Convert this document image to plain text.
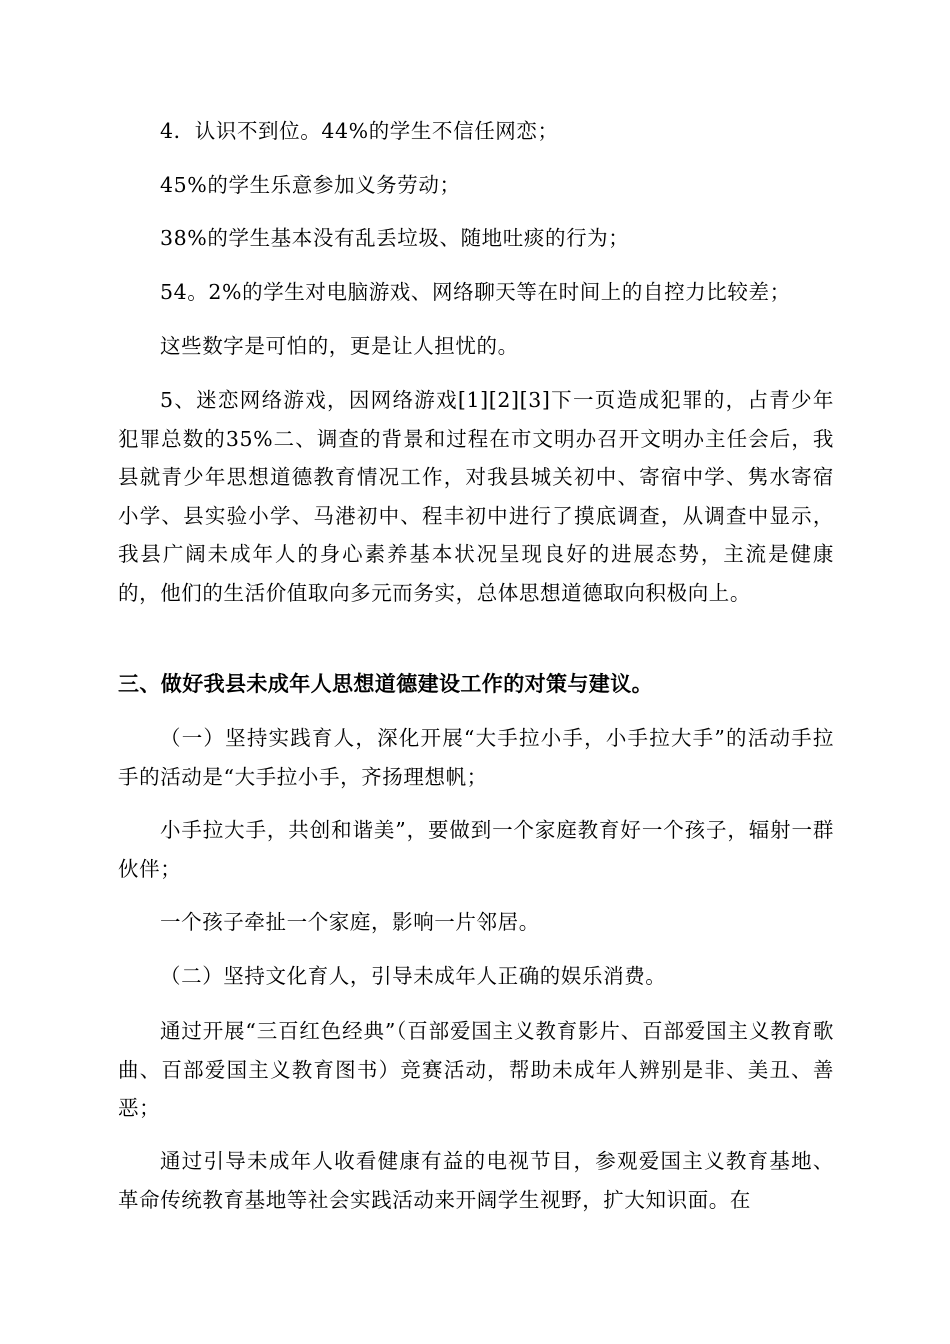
4．认识不到位。44%的学生不信任网恋；

45%的学生乐意参加义务劳动；

38%的学生基本没有乱丢垃圾、随地吐痰的行为；

54。2%的学生对电脑游戏、网络聊天等在时间上的自控力比较差；

这些数字是可怕的，更是让人担忧的。

5、迷恋网络游戏，因网络游戏[1][2][3]下一页造成犯罪的，占青少年犯罪总数的35%二、调查的背景和过程在市文明办召开文明办主任会后，我县就青少年思想道德教育情况工作，对我县城关初中、寄宿中学、隽水寄宿小学、县实验小学、马港初中、程丰初中进行了摸底调查，从调查中显示，我县广阔未成年人的身心素养基本状况呈现良好的进展态势，主流是健康的，他们的生活价值取向多元而务实，总体思想道德取向积极向上。

三、做好我县未成年人思想道德建设工作的对策与建议。

（一）坚持实践育人，深化开展“大手拉小手，小手拉大手”的活动手拉手的活动是“大手拉小手，齐扬理想帆；

小手拉大手，共创和谐美”，要做到一个家庭教育好一个孩子，辐射一群伙伴；

一个孩子牵扯一个家庭，影响一片邻居。

（二）坚持文化育人，引导未成年人正确的娱乐消费。

通过开展“三百红色经典”（百部爱国主义教育影片、百部爱国主义教育歌曲、百部爱国主义教育图书）竞赛活动，帮助未成年人辨别是非、美丑、善恶；

通过引导未成年人收看健康有益的电视节目，参观爱国主义教育基地、革命传统教育基地等社会实践活动来开阔学生视野，扩大知识面。在
